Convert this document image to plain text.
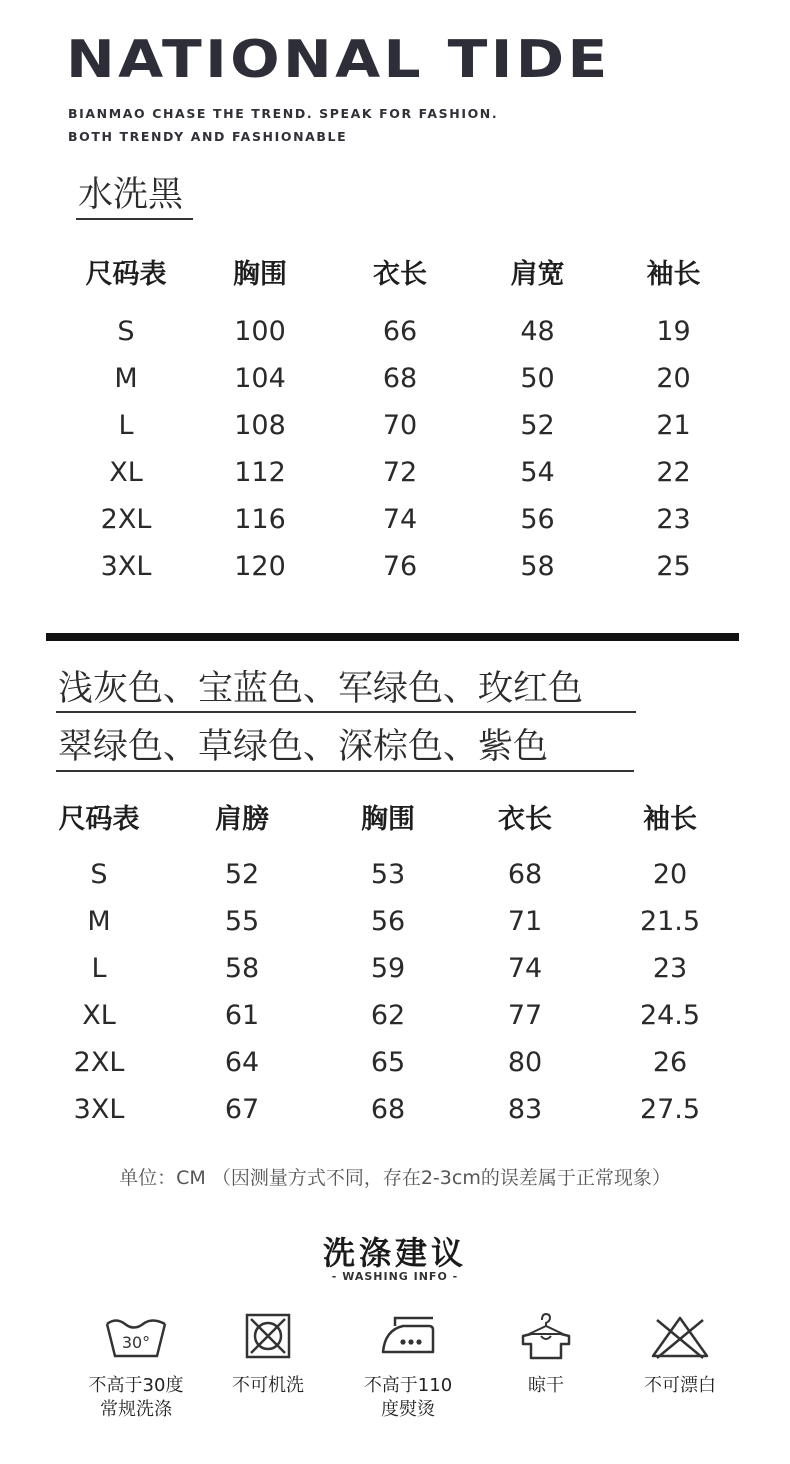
NATIONAL TIDE
BIANMAO CHASE THE TREND. SPEAK FOR FASHION.
BOTH TRENDY AND FASHIONABLE
水洗黑
尺码表	胸围	衣长	肩宽	袖长

S	100	66	48	19
M	104	68	50	20
L	108	70	52	21
XL	112	72	54	22
2XL	116	74	56	23
3XL	120	76	58	25
浅灰色、宝蓝色、军绿色、玫红色
翠绿色、草绿色、深棕色、紫色
尺码表	肩膀	胸围	衣长	袖长

S	52	53	68	20
M	55	56	71	21.5
L	58	59	74	23
XL	61	62	77	24.5
2XL	64	65	80	26
3XL	67	68	83	27.5
单位：CM （因测量方式不同，存在2-3cm的误差属于正常现象）
洗涤建议
- WASHING INFO -
30°
不高于30度
常规洗涤
不可机洗	不高于110
度熨烫
晾干	不可漂白
